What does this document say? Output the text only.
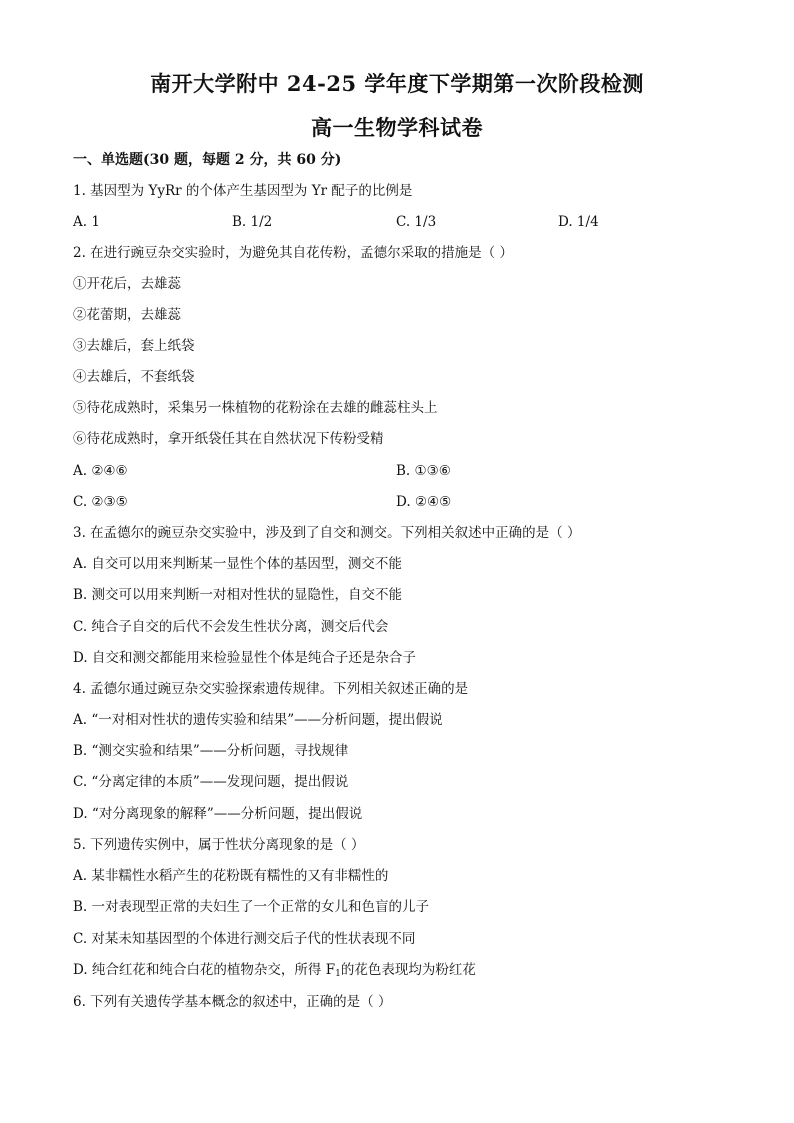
南开大学附中 24-25 学年度下学期第一次阶段检测
高一生物学科试卷
一、单选题(30 题，每题 2 分，共 60 分)
1. 基因型为 YyRr 的个体产生基因型为 Yr 配子的比例是
A. 1	B. 1/2	C. 1/3	D. 1/4
2. 在进行豌豆杂交实验时，为避免其自花传粉，孟德尔采取的措施是（ ）
①开花后，去雄蕊
②花蕾期，去雄蕊
③去雄后，套上纸袋
④去雄后，不套纸袋
⑤待花成熟时，采集另一株植物的花粉涂在去雄的雌蕊柱头上
⑥待花成熟时，拿开纸袋任其在自然状况下传粉受精
A. ②④⑥	B. ①③⑥
C. ②③⑤	D. ②④⑤
3. 在孟德尔的豌豆杂交实验中，涉及到了自交和测交。下列相关叙述中正确的是（ ）
A. 自交可以用来判断某一显性个体的基因型，测交不能
B. 测交可以用来判断一对相对性状的显隐性，自交不能
C. 纯合子自交的后代不会发生性状分离，测交后代会
D. 自交和测交都能用来检验显性个体是纯合子还是杂合子
4. 孟德尔通过豌豆杂交实验探索遗传规律。下列相关叙述正确的是
A. “一对相对性状的遗传实验和结果”——分析问题，提出假说
B. “测交实验和结果”——分析问题，寻找规律
C. “分离定律的本质”——发现问题，提出假说
D. “对分离现象的解释”——分析问题，提出假说
5. 下列遗传实例中，属于性状分离现象的是（ ）
A. 某非糯性水稻产生的花粉既有糯性的又有非糯性的
B. 一对表现型正常的夫妇生了一个正常的女儿和色盲的儿子
C. 对某未知基因型的个体进行测交后子代的性状表现不同
D. 纯合红花和纯合白花的植物杂交，所得 $F_1$的花色表现均为粉红花
6. 下列有关遗传学基本概念的叙述中，正确的是（ ）
